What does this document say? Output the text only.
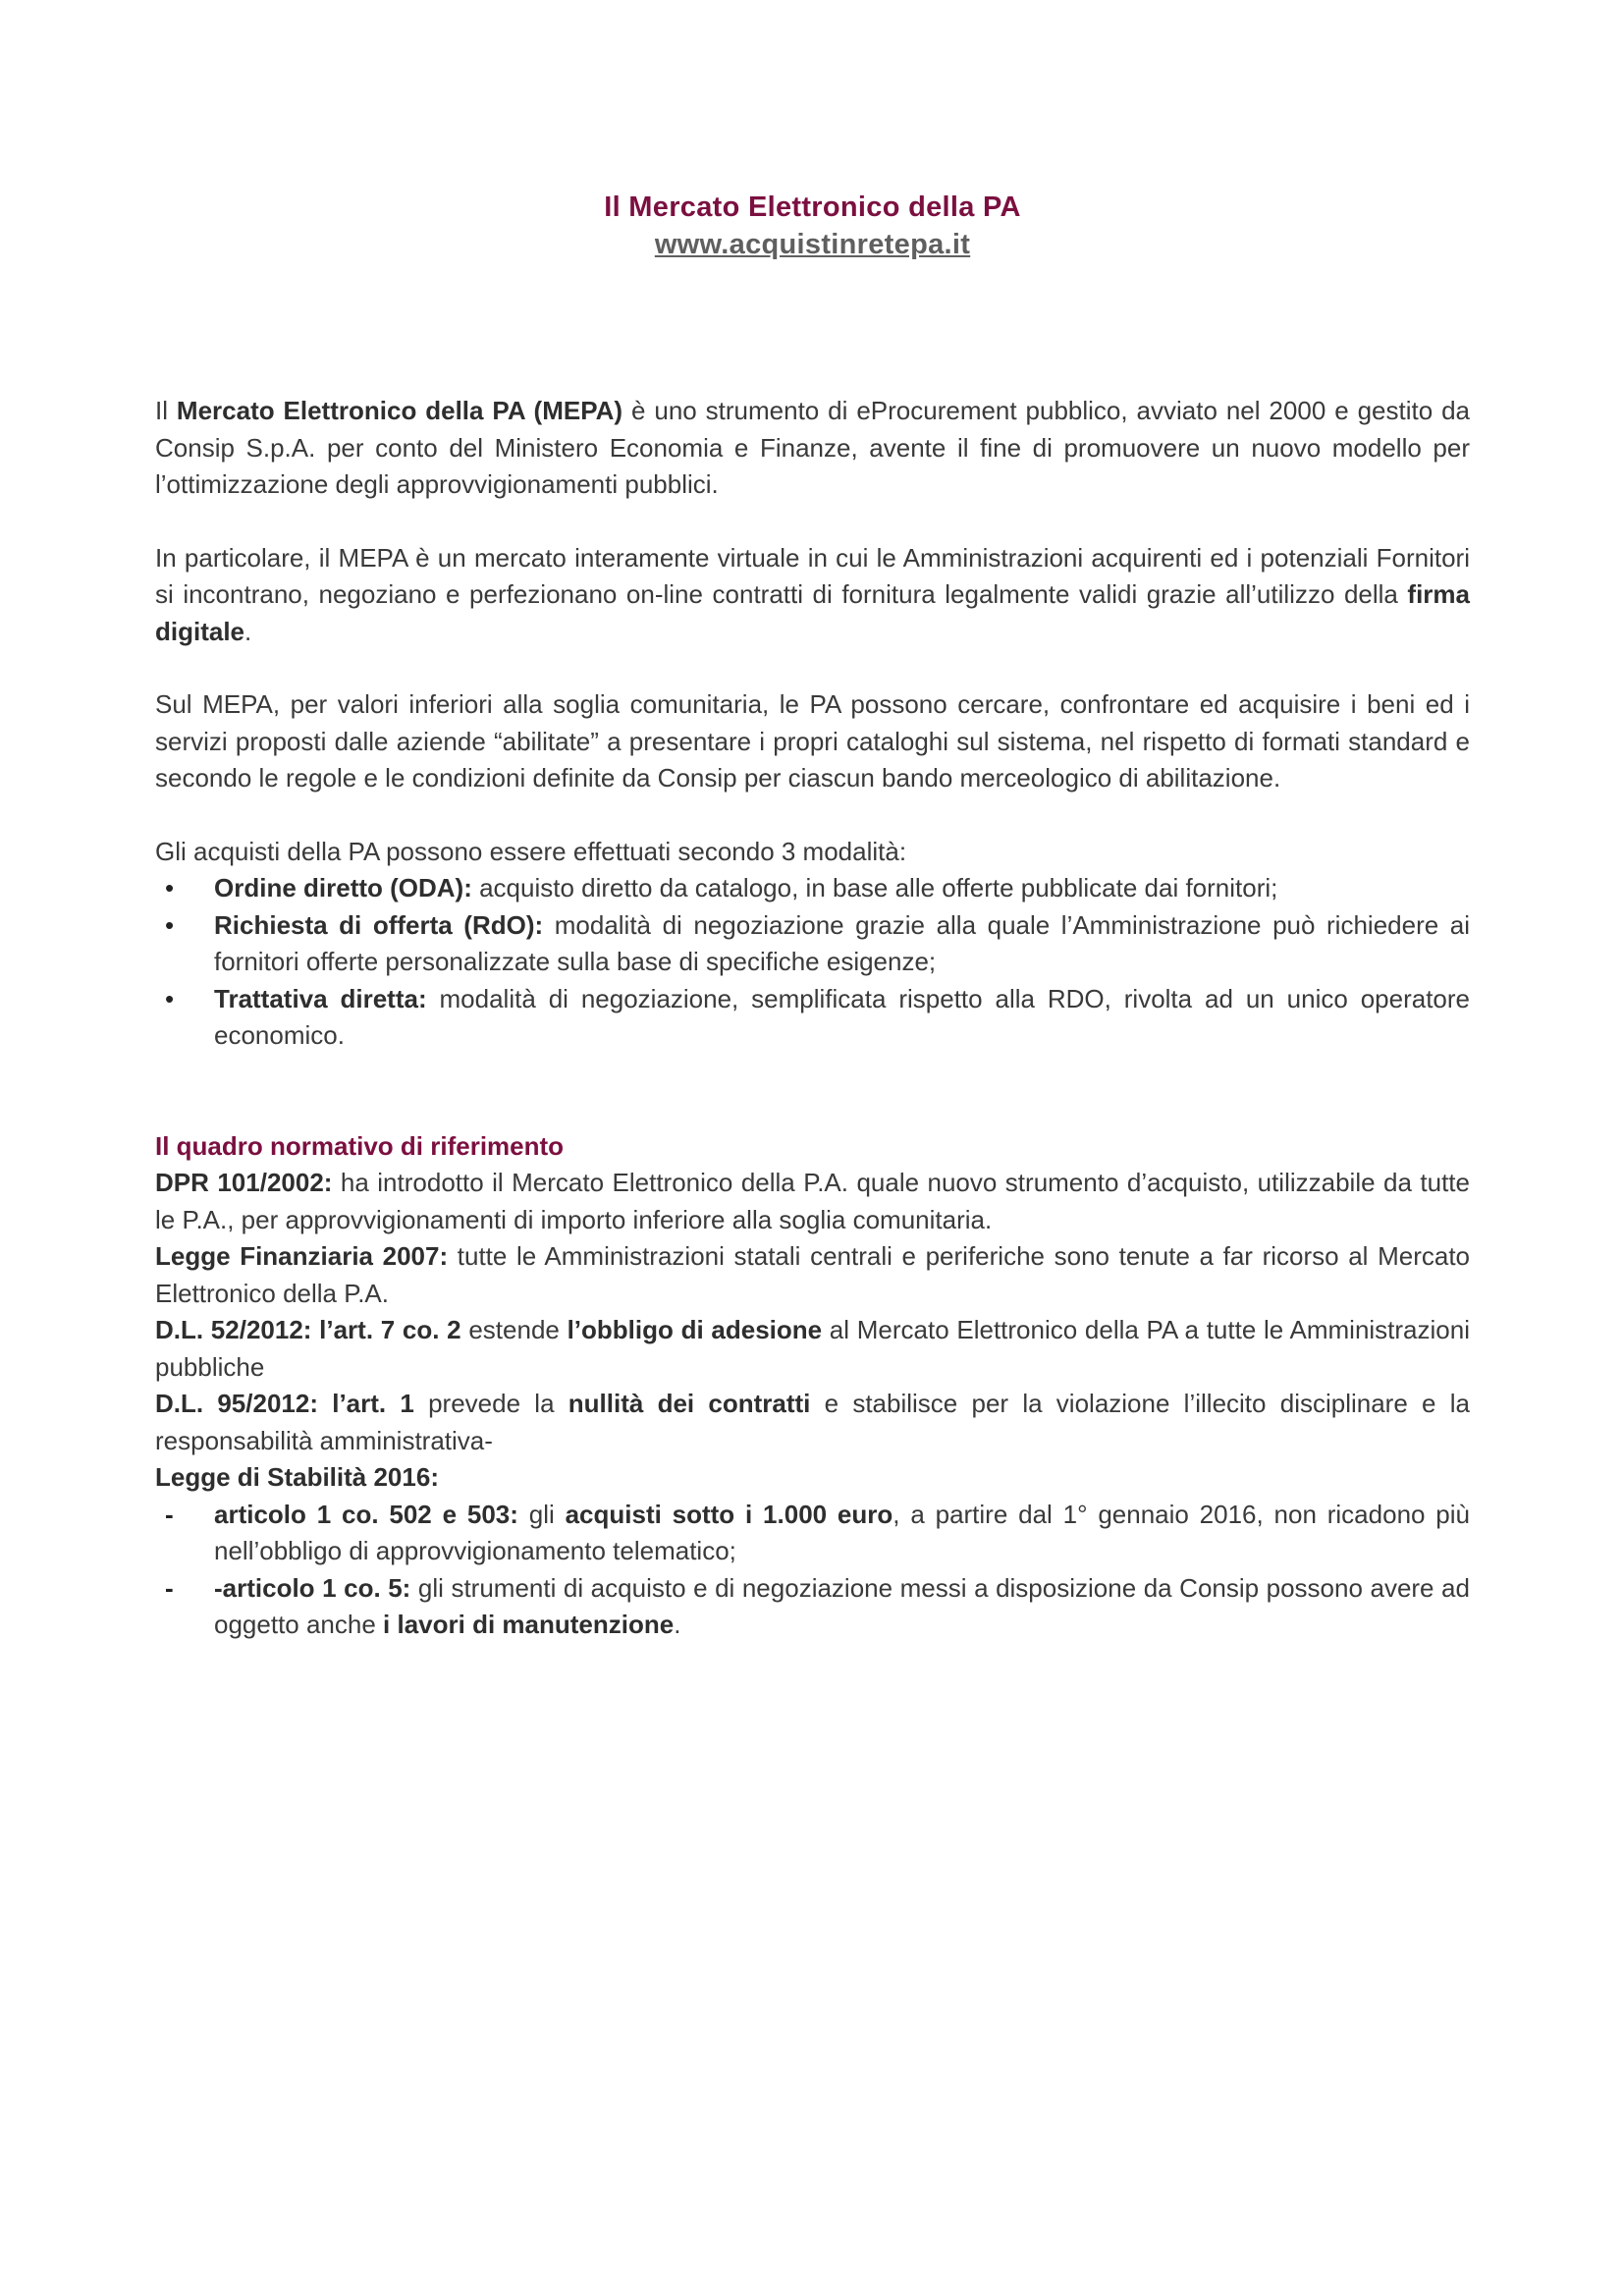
Il Mercato Elettronico della PA
www.acquistinretepa.it

Il Mercato Elettronico della PA (MEPA) è uno strumento di eProcurement pubblico, avviato nel 2000 e gestito da Consip S.p.A. per conto del Ministero Economia e Finanze, avente il fine di promuovere un nuovo modello per l’ottimizzazione degli approvvigionamenti pubblici.

In particolare, il MEPA è un mercato interamente virtuale in cui le Amministrazioni acquirenti ed i potenziali Fornitori si incontrano, negoziano e perfezionano on-line contratti di fornitura legalmente validi grazie all’utilizzo della firma digitale.

Sul MEPA, per valori inferiori alla soglia comunitaria, le PA possono cercare, confrontare ed acquisire i beni ed i servizi proposti dalle aziende “abilitate” a presentare i propri cataloghi sul sistema, nel rispetto di formati standard e secondo le regole e le condizioni definite da Consip per ciascun bando merceologico di abilitazione.

Gli acquisti della PA possono essere effettuati secondo 3 modalità:

• Ordine diretto (ODA): acquisto diretto da catalogo, in base alle offerte pubblicate dai fornitori;
• Richiesta di offerta (RdO): modalità di negoziazione grazie alla quale l’Amministrazione può richiedere ai fornitori offerte personalizzate sulla base di specifiche esigenze;
• Trattativa diretta: modalità di negoziazione, semplificata rispetto alla RDO, rivolta ad un unico operatore economico.
Il quadro normativo di riferimento

DPR 101/2002: ha introdotto il Mercato Elettronico della P.A. quale nuovo strumento d’acquisto, utilizzabile da tutte le P.A., per approvvigionamenti di importo inferiore alla soglia comunitaria.

Legge Finanziaria 2007: tutte le Amministrazioni statali centrali e periferiche sono tenute a far ricorso al Mercato Elettronico della P.A.

D.L. 52/2012: l’art. 7 co. 2 estende l’obbligo di adesione al Mercato Elettronico della PA a tutte le Amministrazioni pubbliche

D.L. 95/2012: l’art. 1 prevede la nullità dei contratti e stabilisce per la violazione l’illecito disciplinare e la responsabilità amministrativa-

Legge di Stabilità 2016:

- articolo 1 co. 502 e 503: gli acquisti sotto i 1.000 euro, a partire dal 1° gennaio 2016, non ricadono più nell’obbligo di approvvigionamento telematico;
- -articolo 1 co. 5: gli strumenti di acquisto e di negoziazione messi a disposizione da Consip possono avere ad oggetto anche i lavori di manutenzione.
